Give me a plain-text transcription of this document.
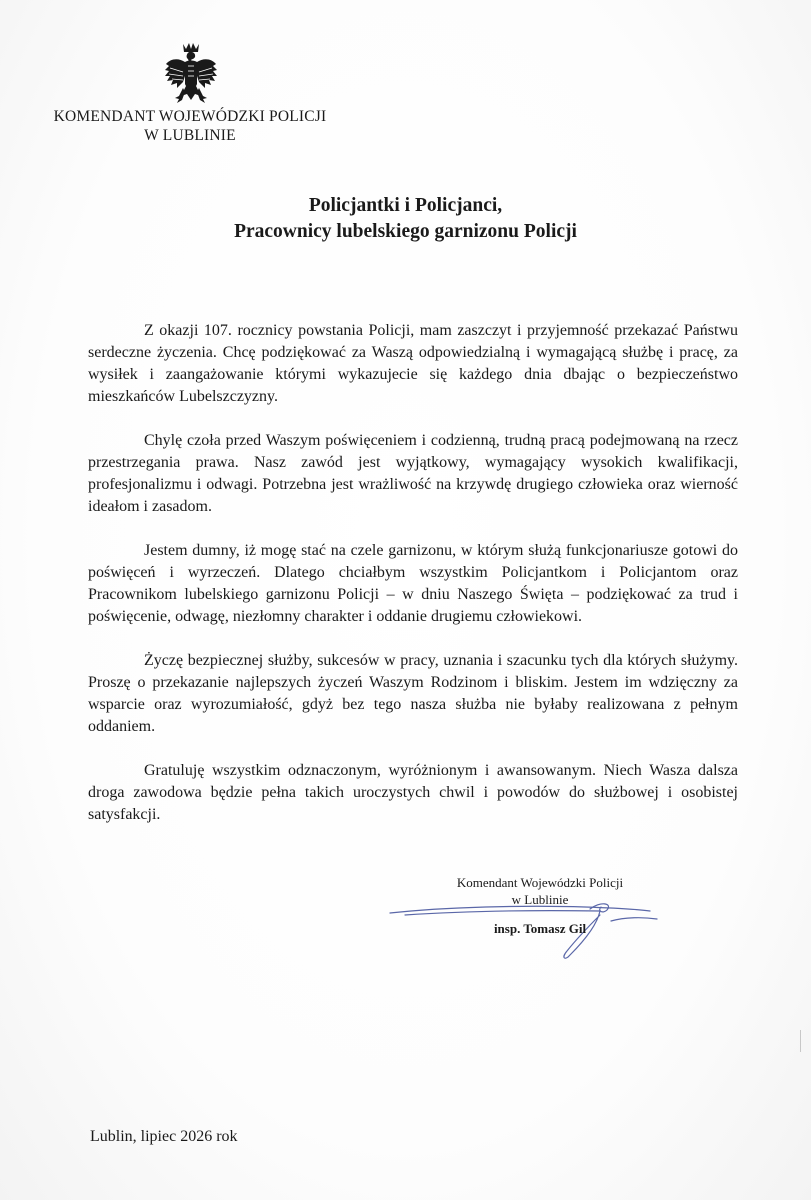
KOMENDANT WOJEWÓDZKI POLICJI
W LUBLINIE
Policjantki i Policjanci,
Pracownicy lubelskiego garnizonu Policji

Z okazji 107. rocznicy powstania Policji, mam zaszczyt i przyjemność przekazać Państwu serdeczne życzenia. Chcę podziękować za Waszą odpowiedzialną i wymagającą służbę i pracę, za wysiłek i zaangażowanie którymi wykazujecie się każdego dnia dbając o bezpieczeństwo mieszkańców Lubelszczyzny.

Chylę czoła przed Waszym poświęceniem i codzienną, trudną pracą podejmowaną na rzecz przestrzegania prawa. Nasz zawód jest wyjątkowy, wymagający wysokich kwalifikacji, profesjonalizmu i odwagi. Potrzebna jest wrażliwość na krzywdę drugiego człowieka oraz wierność ideałom i zasadom.

Jestem dumny, iż mogę stać na czele garnizonu, w którym służą funkcjonariusze gotowi do poświęceń i wyrzeczeń. Dlatego chciałbym wszystkim Policjantkom i Policjantom oraz Pracownikom lubelskiego garnizonu Policji – w dniu Naszego Święta – podziękować za trud i poświęcenie, odwagę, niezłomny charakter i oddanie drugiemu człowiekowi.

Życzę bezpiecznej służby, sukcesów w pracy, uznania i szacunku tych dla których służymy. Proszę o przekazanie najlepszych życzeń Waszym Rodzinom i bliskim. Jestem im wdzięczny za wsparcie oraz wyrozumiałość, gdyż bez tego nasza służba nie byłaby realizowana z pełnym oddaniem.

Gratuluję wszystkim odznaczonym, wyróżnionym i awansowanym. Niech Wasza dalsza droga zawodowa będzie pełna takich uroczystych chwil i powodów do służbowej i osobistej satysfakcji.

Komendant Wojewódzki Policji
w Lublinie
insp. Tomasz Gil
Lublin, lipiec 2026 rok
